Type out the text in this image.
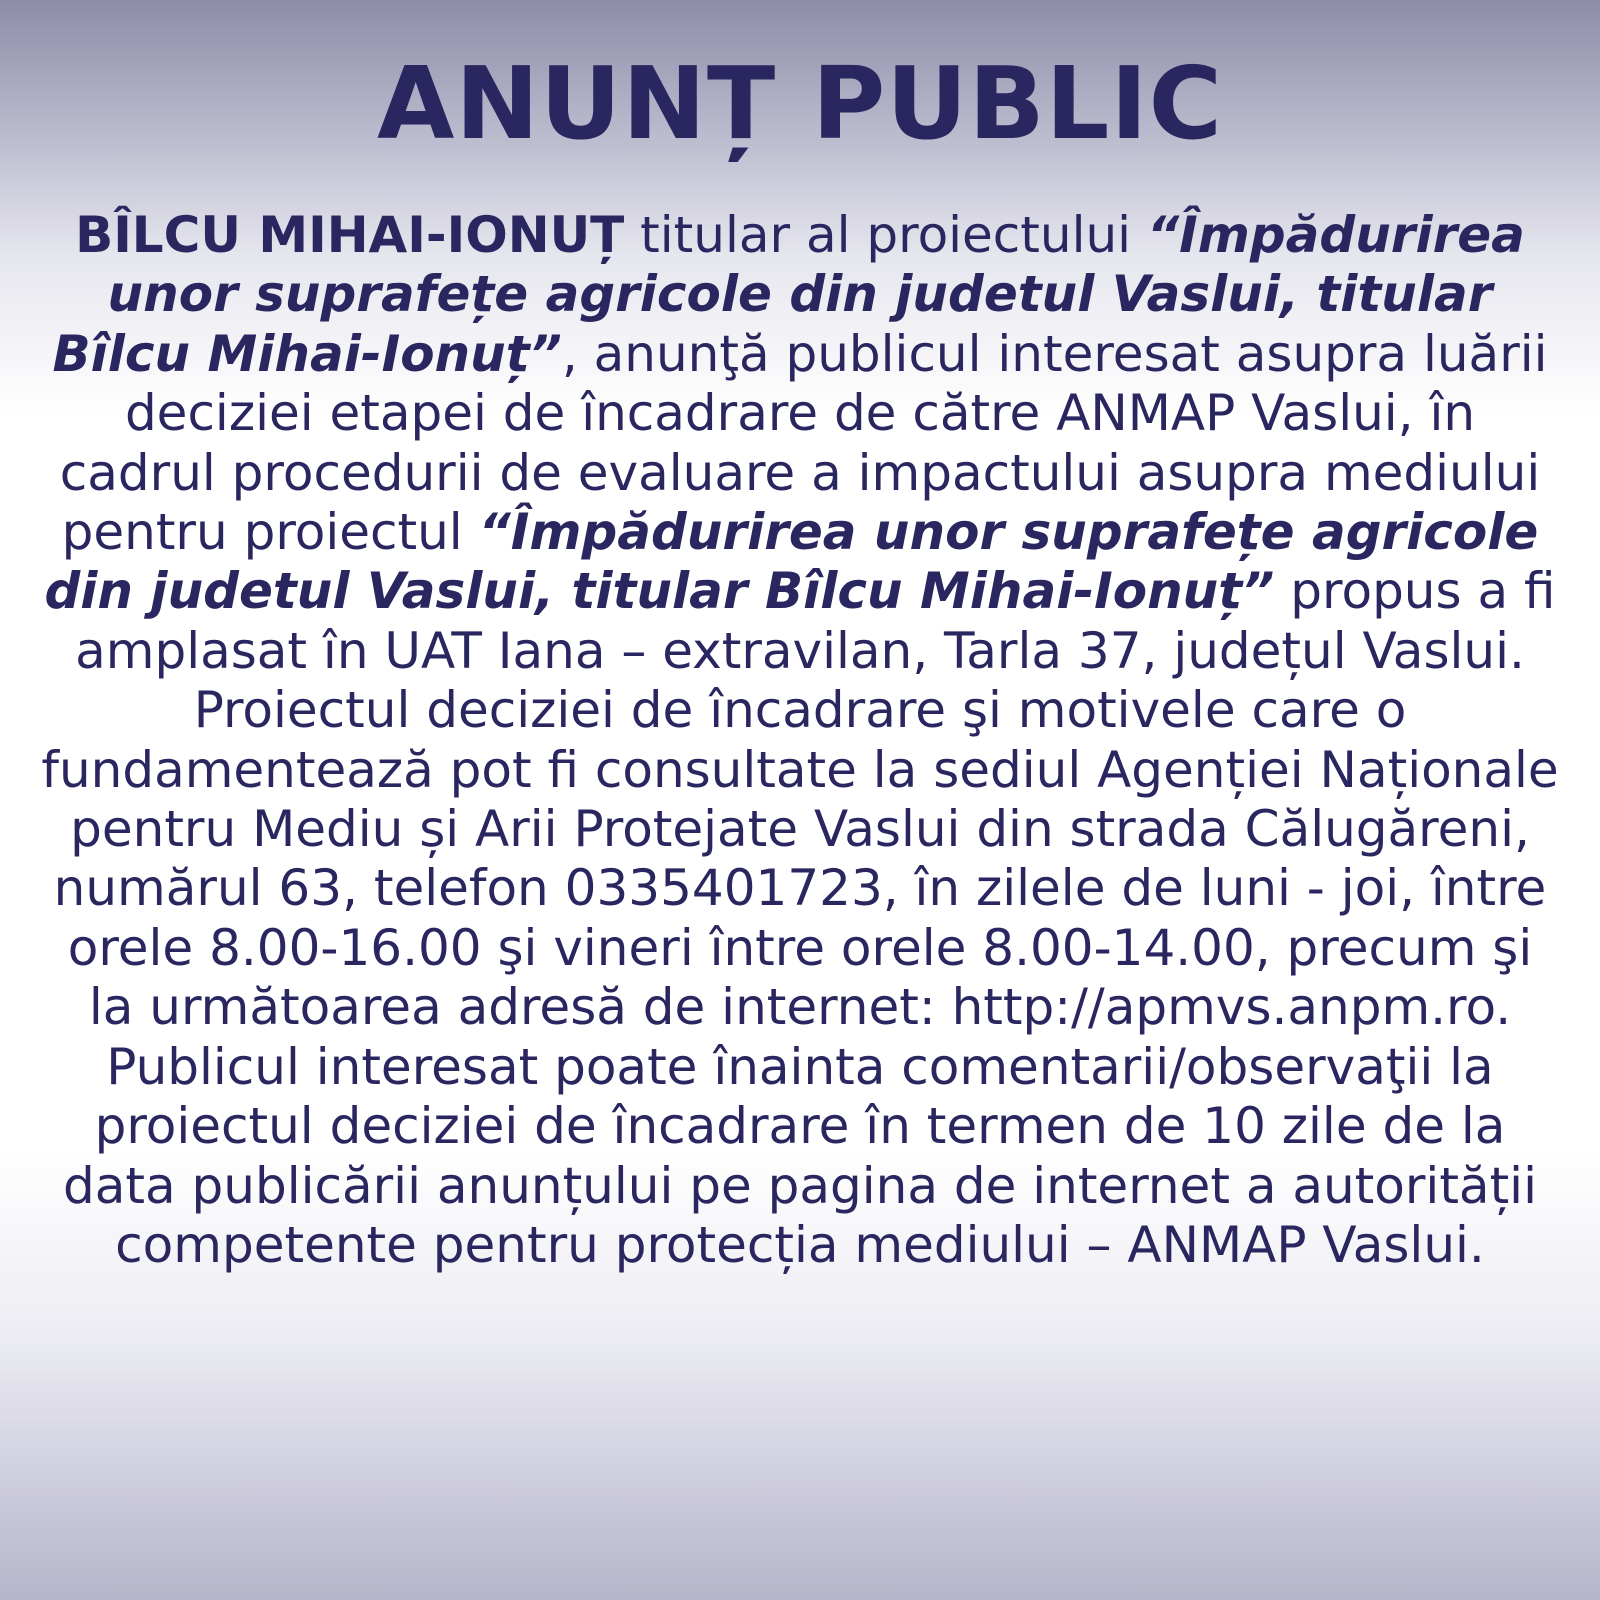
ANUNȚ PUBLIC

BÎLCU MIHAI-IONUȚ titular al proiectului “Împădurirea unor suprafețe agricole din judetul Vaslui, titular Bîlcu Mihai-Ionuț”, anunţă publicul interesat asupra luării deciziei etapei de încadrare de către ANMAP Vaslui, în cadrul procedurii de evaluare a impactului asupra mediului pentru proiectul “Împădurirea unor suprafețe agricole din judetul Vaslui, titular Bîlcu Mihai-Ionuț” propus a fi amplasat în UAT Iana – extravilan, Tarla 37, județul Vaslui. Proiectul deciziei de încadrare şi motivele care o fundamentează pot fi consultate la sediul Agenției Naționale pentru Mediu și Arii Protejate Vaslui din strada Călugăreni, numărul 63, telefon 0335401723, în zilele de luni - joi, între orele 8.00-16.00 şi vineri între orele 8.00-14.00, precum şi la următoarea adresă de internet: http://apmvs.anpm.ro.

Publicul interesat poate înainta comentarii/observaţii la proiectul deciziei de încadrare în termen de 10 zile de la data publicării anunțului pe pagina de internet a autorității competente pentru protecția mediului – ANMAP Vaslui.
